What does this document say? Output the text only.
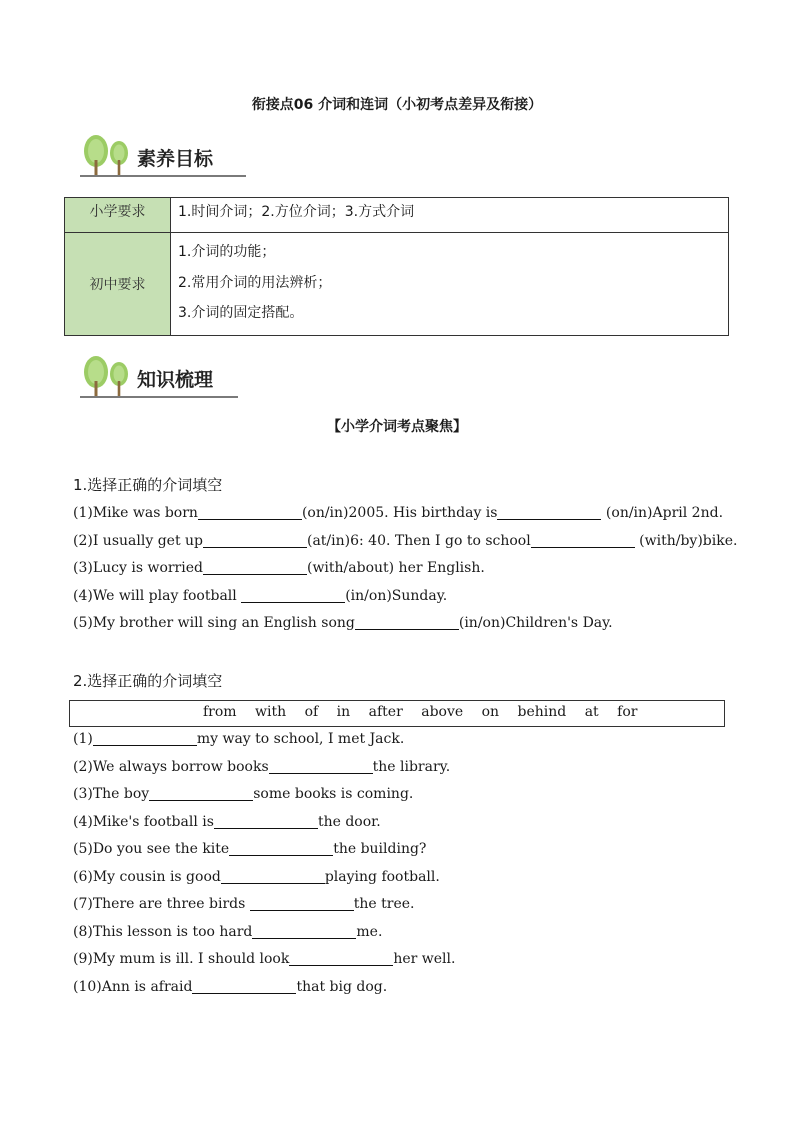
衔接点06 介词和连词（小初考点差异及衔接）
素养目标
小学要求	1.时间介词；2.方位介词；3.方式介词
初中要求	1.介词的功能；
2.常用介词的用法辨析；
3.介词的固定搭配。
知识梳理
【小学介词考点聚焦】
1.选择正确的介词填空
(1)Mike was born	(on/in)2005. His birthday is	(on/in)April 2nd.
(2)I usually get up	(at/in)6: 40. Then I go to school	(with/by)bike.
(3)Lucy is worried	(with/about) her English.
(4)We will play football	(in/on)Sunday.
(5)My brother will sing an English song	(in/on)Children's Day.
2.选择正确的介词填空
from with of in after above on behind at for
(1)	my way to school, I met Jack.
(2)We always borrow books	the library.
(3)The boy	some books is coming.
(4)Mike's football is	the door.
(5)Do you see the kite	the building?
(6)My cousin is good	playing football.
(7)There are three birds	the tree.
(8)This lesson is too hard	me.
(9)My mum is ill. I should look	her well.
(10)Ann is afraid	that big dog.
